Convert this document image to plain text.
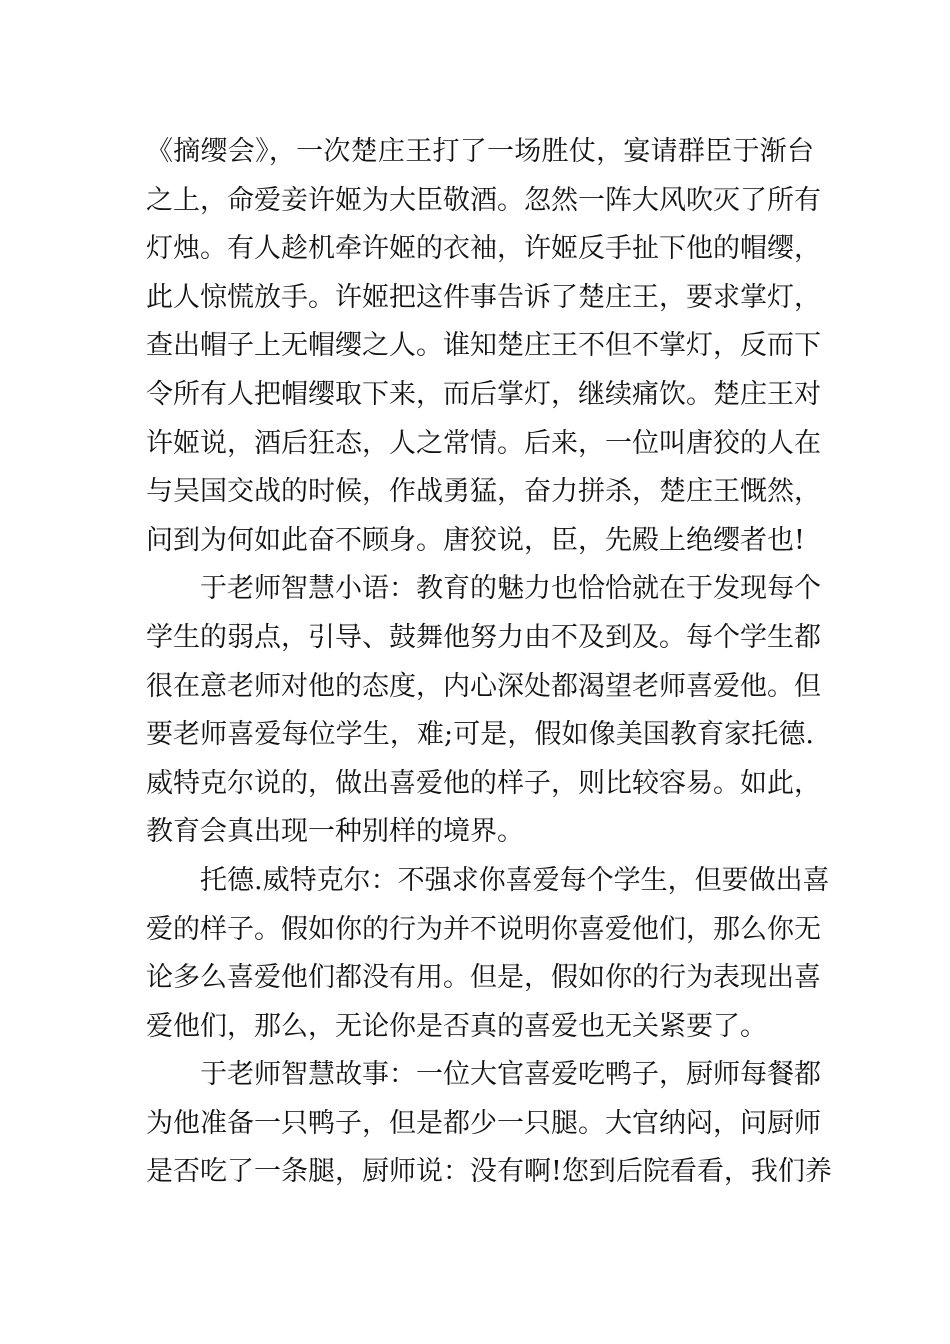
《摘缨会》，一次楚庄王打了一场胜仗，宴请群臣于渐台
之上，命爱妾许姬为大臣敬酒。忽然一阵大风吹灭了所有
灯烛。有人趁机牵许姬的衣袖，许姬反手扯下他的帽缨，
此人惊慌放手。许姬把这件事告诉了楚庄王，要求掌灯，
查出帽子上无帽缨之人。谁知楚庄王不但不掌灯，反而下
令所有人把帽缨取下来，而后掌灯，继续痛饮。楚庄王对
许姬说，酒后狂态，人之常情。后来，一位叫唐狡的人在
与吴国交战的时候，作战勇猛，奋力拼杀，楚庄王慨然，
问到为何如此奋不顾身。唐狡说，臣，先殿上绝缨者也!
于老师智慧小语：教育的魅力也恰恰就在于发现每个
学生的弱点，引导、鼓舞他努力由不及到及。每个学生都
很在意老师对他的态度，内心深处都渴望老师喜爱他。但
要老师喜爱每位学生，难;可是，假如像美国教育家托德.
威特克尔说的，做出喜爱他的样子，则比较容易。如此，
教育会真出现一种别样的境界。
托德.威特克尔：不强求你喜爱每个学生，但要做出喜
爱的样子。假如你的行为并不说明你喜爱他们，那么你无
论多么喜爱他们都没有用。但是，假如你的行为表现出喜
爱他们，那么，无论你是否真的喜爱也无关紧要了。
于老师智慧故事：一位大官喜爱吃鸭子，厨师每餐都
为他准备一只鸭子，但是都少一只腿。大官纳闷，问厨师
是否吃了一条腿，厨师说：没有啊!您到后院看看，我们养
